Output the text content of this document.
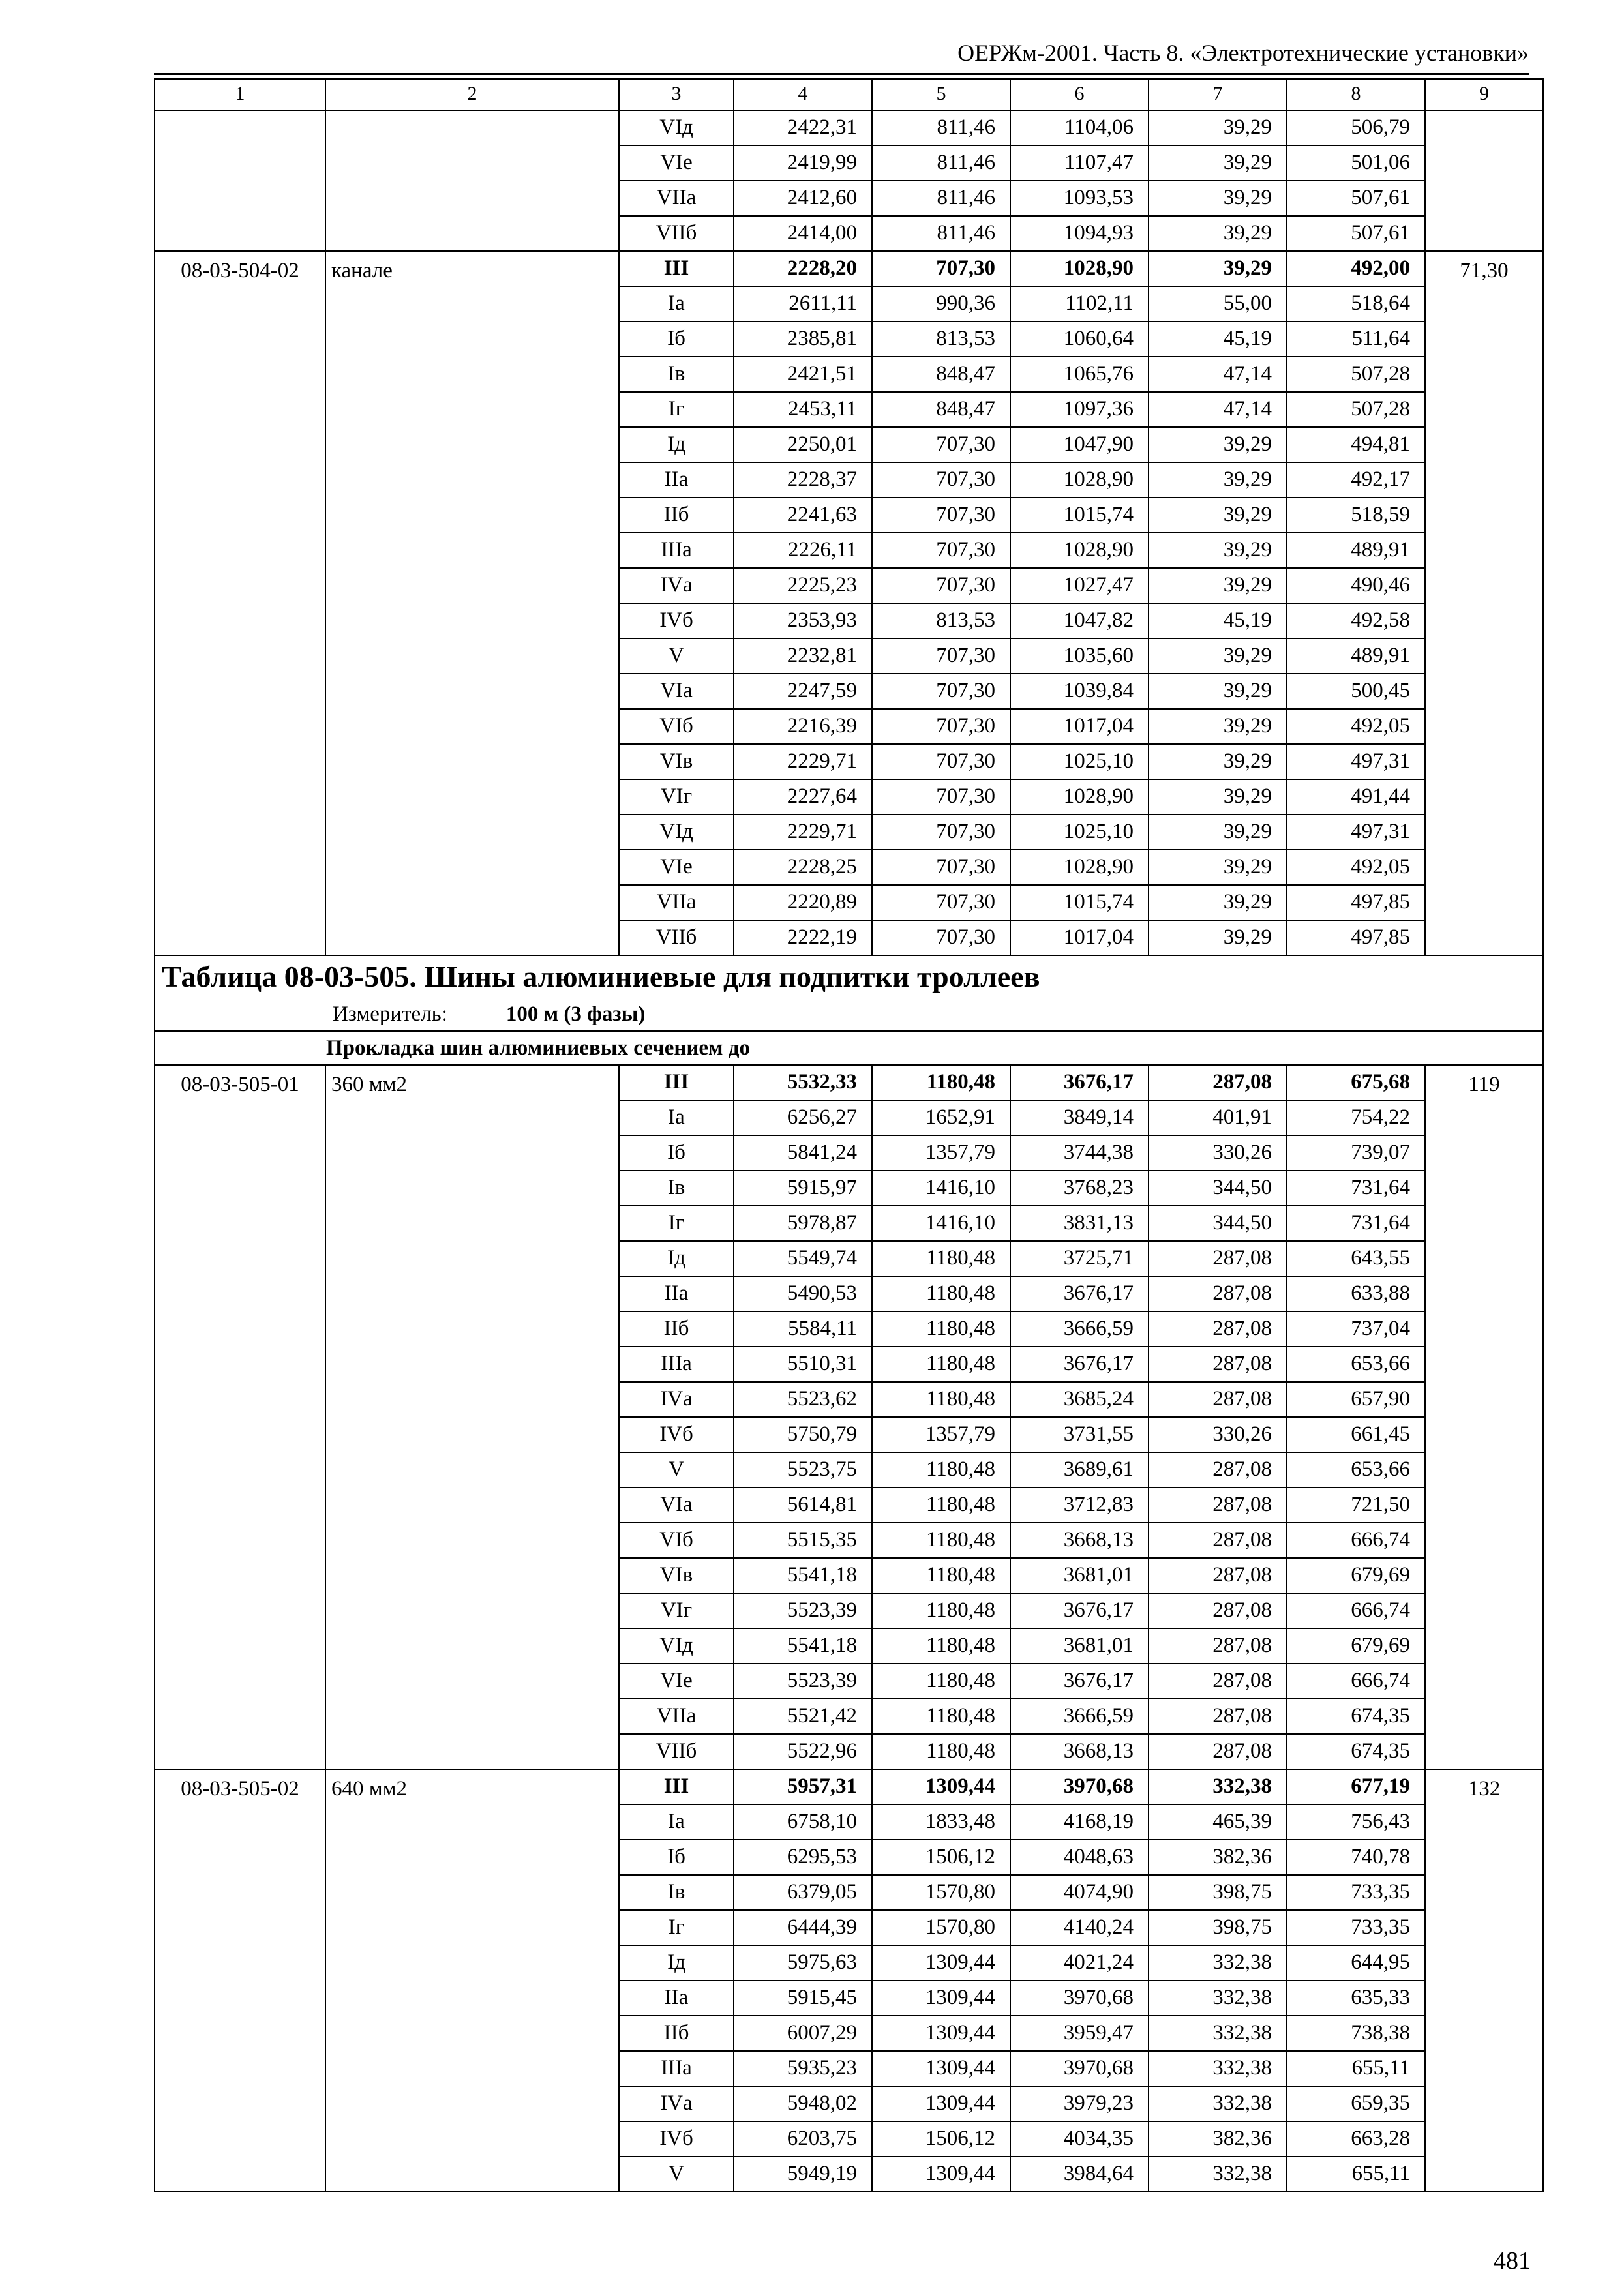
ОЕРЖм-2001. Часть 8. «Электротехнические установки»
1	2	3	4	5	6	7	8	9
		VIд	2422,31	811,46	1104,06	39,29	506,79	
		VIе	2419,99	811,46	1107,47	39,29	501,06	
		VIIа	2412,60	811,46	1093,53	39,29	507,61	
		VIIб	2414,00	811,46	1094,93	39,29	507,61	
08-03-504-02	канале	III	2228,20	707,30	1028,90	39,29	492,00	71,30
		Iа	2611,11	990,36	1102,11	55,00	518,64	
		Iб	2385,81	813,53	1060,64	45,19	511,64	
		Iв	2421,51	848,47	1065,76	47,14	507,28	
		Iг	2453,11	848,47	1097,36	47,14	507,28	
		Iд	2250,01	707,30	1047,90	39,29	494,81	
		IIа	2228,37	707,30	1028,90	39,29	492,17	
		IIб	2241,63	707,30	1015,74	39,29	518,59	
		IIIа	2226,11	707,30	1028,90	39,29	489,91	
		IVа	2225,23	707,30	1027,47	39,29	490,46	
		IVб	2353,93	813,53	1047,82	45,19	492,58	
		V	2232,81	707,30	1035,60	39,29	489,91	
		VIа	2247,59	707,30	1039,84	39,29	500,45	
		VIб	2216,39	707,30	1017,04	39,29	492,05	
		VIв	2229,71	707,30	1025,10	39,29	497,31	
		VIг	2227,64	707,30	1028,90	39,29	491,44	
		VIд	2229,71	707,30	1025,10	39,29	497,31	
		VIе	2228,25	707,30	1028,90	39,29	492,05	
		VIIа	2220,89	707,30	1015,74	39,29	497,85	
		VIIб	2222,19	707,30	1017,04	39,29	497,85	

Таблица 08-03-505. Шины алюминиевые для подпитки троллеев
Измеритель: 100 м (3 фазы)								

Прокладка шин алюминиевых сечением до								
08-03-505-01	360 мм2	III	5532,33	1180,48	3676,17	287,08	675,68	119
		Iа	6256,27	1652,91	3849,14	401,91	754,22	
		Iб	5841,24	1357,79	3744,38	330,26	739,07	
		Iв	5915,97	1416,10	3768,23	344,50	731,64	
		Iг	5978,87	1416,10	3831,13	344,50	731,64	
		Iд	5549,74	1180,48	3725,71	287,08	643,55	
		IIа	5490,53	1180,48	3676,17	287,08	633,88	
		IIб	5584,11	1180,48	3666,59	287,08	737,04	
		IIIа	5510,31	1180,48	3676,17	287,08	653,66	
		IVа	5523,62	1180,48	3685,24	287,08	657,90	
		IVб	5750,79	1357,79	3731,55	330,26	661,45	
		V	5523,75	1180,48	3689,61	287,08	653,66	
		VIа	5614,81	1180,48	3712,83	287,08	721,50	
		VIб	5515,35	1180,48	3668,13	287,08	666,74	
		VIв	5541,18	1180,48	3681,01	287,08	679,69	
		VIг	5523,39	1180,48	3676,17	287,08	666,74	
		VIд	5541,18	1180,48	3681,01	287,08	679,69	
		VIе	5523,39	1180,48	3676,17	287,08	666,74	
		VIIа	5521,42	1180,48	3666,59	287,08	674,35	
		VIIб	5522,96	1180,48	3668,13	287,08	674,35	
08-03-505-02	640 мм2	III	5957,31	1309,44	3970,68	332,38	677,19	132
		Iа	6758,10	1833,48	4168,19	465,39	756,43	
		Iб	6295,53	1506,12	4048,63	382,36	740,78	
		Iв	6379,05	1570,80	4074,90	398,75	733,35	
		Iг	6444,39	1570,80	4140,24	398,75	733,35	
		Iд	5975,63	1309,44	4021,24	332,38	644,95	
		IIа	5915,45	1309,44	3970,68	332,38	635,33	
		IIб	6007,29	1309,44	3959,47	332,38	738,38	
		IIIа	5935,23	1309,44	3970,68	332,38	655,11	
		IVа	5948,02	1309,44	3979,23	332,38	659,35	
		IVб	6203,75	1506,12	4034,35	382,36	663,28	
		V	5949,19	1309,44	3984,64	332,38	655,11	
481
